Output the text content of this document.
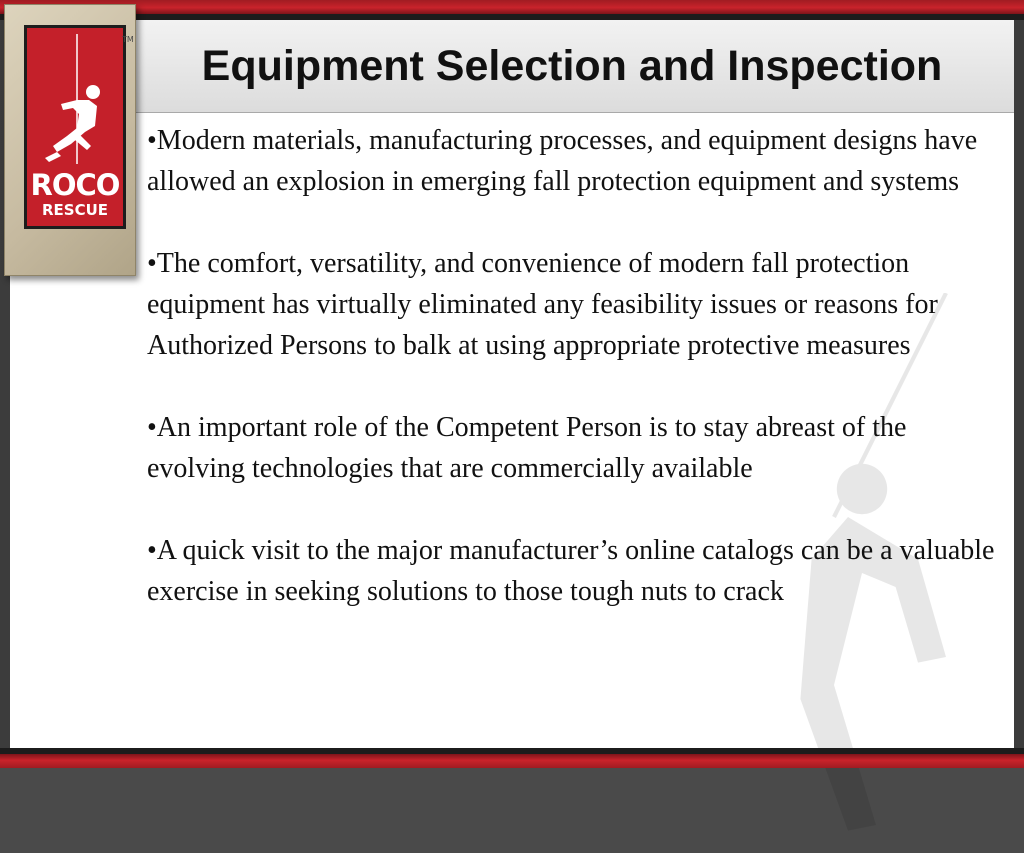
Equipment Selection and Inspection

•Modern materials, manufacturing processes, and equipment designs have allowed an explosion in emerging fall protection equipment and systems

•The comfort, versatility, and convenience of modern fall protection equipment has virtually eliminated any feasibility issues or reasons for Authorized Persons to balk at using appropriate protective measures

•An important role of the Competent Person is to stay abreast of the evolving technologies that are commercially available

•A quick visit to the major manufacturer’s online catalogs can be a valuable exercise in seeking solutions to those tough nuts to crack

ROCO
RESCUE
TM
